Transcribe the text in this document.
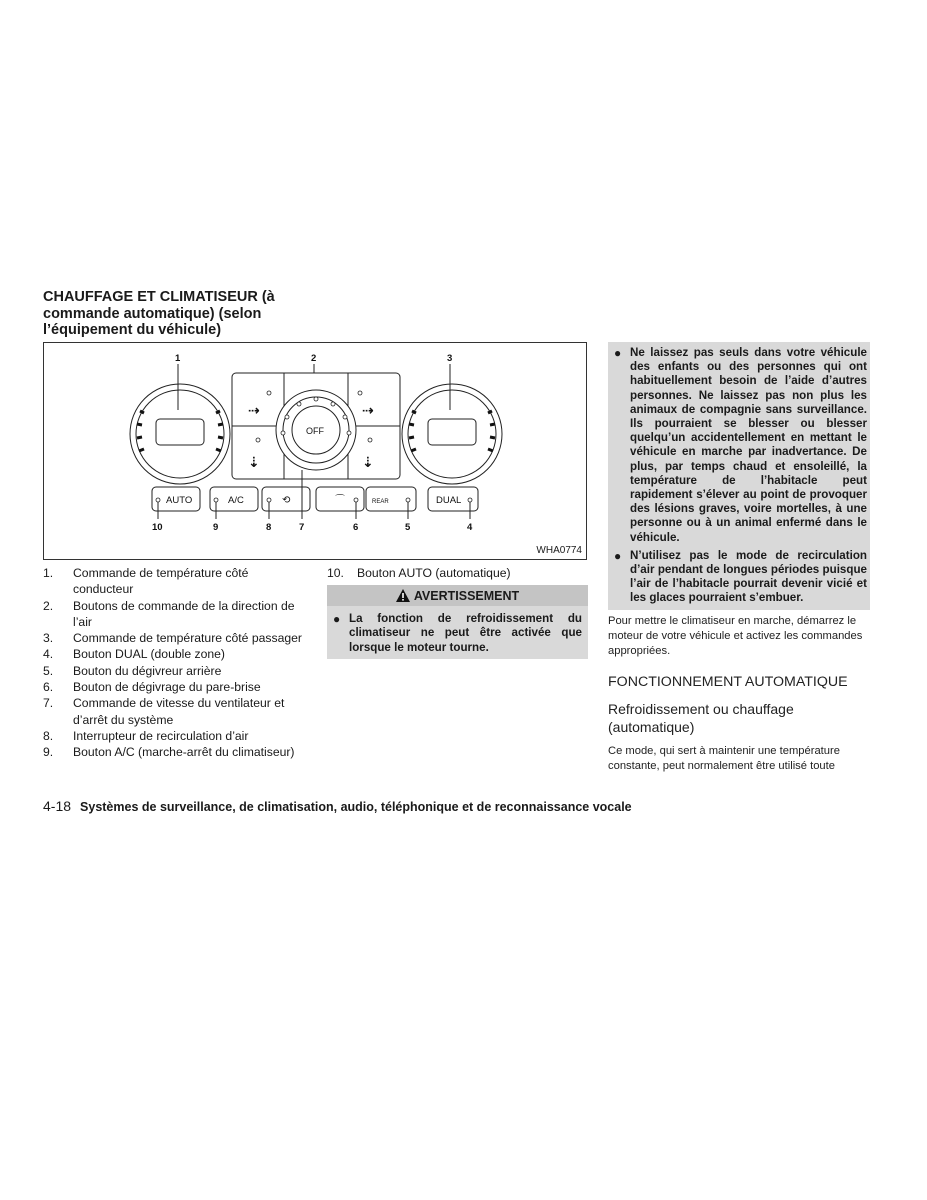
CHAUFFAGE ET CLIMATISEUR (à commande automatique) (selon l’équipement du véhicule)
⇢	⇢
⇣	⇣
AUTO	A/C	⟲	⌒	REAR	DUAL
OFF
1	2	3
10	9	8	7	6	5	4
WHA0774
1.	Commande de température côté conducteur
2.	Boutons de commande de la direction de l’air
3.	Commande de température côté passager
4.	Bouton DUAL (double zone)
5.	Bouton du dégivreur arrière
6.	Bouton de dégivrage du pare-brise
7.	Commande de vitesse du ventilateur et d’arrêt du système
8.	Interrupteur de recirculation d’air
9.	Bouton A/C (marche-arrêt du climatiseur)
10.	Bouton AUTO (automatique)
AVERTISSEMENT
● La fonction de refroidissement du climatiseur ne peut être activée que lorsque le moteur tourne.
● Ne laissez pas seuls dans votre véhicule des enfants ou des personnes qui ont habituellement besoin de l’aide d’autres personnes. Ne laissez pas non plus les animaux de compagnie sans surveillance. Ils pourraient se blesser ou blesser quelqu’un accidentellement en mettant le véhicule en marche par inadvertance. De plus, par temps chaud et ensoleillé, la température de l’habitacle peut rapidement s’élever au point de provoquer des lésions graves, voire mortelles, à une personne ou à un animal enfermé dans le véhicule.
● N’utilisez pas le mode de recirculation d’air pendant de longues périodes puisque l’air de l’habitacle pourrait devenir vicié et les glaces pourraient s’embuer.

Pour mettre le climatiseur en marche, démarrez le moteur de votre véhicule et activez les commandes appropriées.

FONCTIONNEMENT AUTOMATIQUE
Refroidissement ou chauffage (automatique)

Ce mode, qui sert à maintenir une température constante, peut normalement être utilisé toute

4-18 Systèmes de surveillance, de climatisation, audio, téléphonique et de reconnaissance vocale
